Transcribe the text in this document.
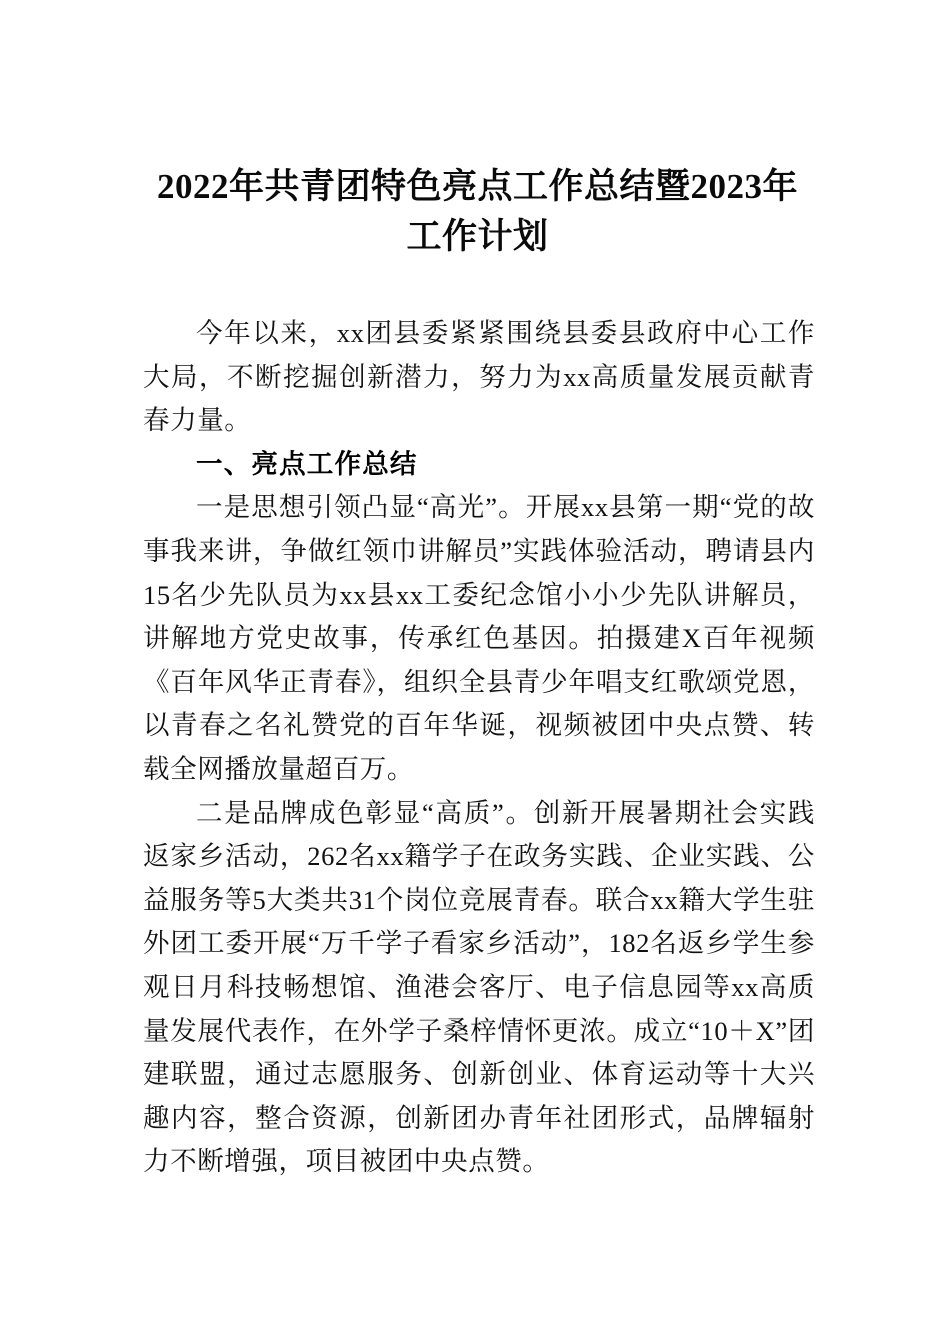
2022年共青团特色亮点工作总结暨2023年
工作计划

今年以来，xx团县委紧紧围绕县委县政府中心工作大局，不断挖掘创新潜力，努力为xx高质量发展贡献青春力量。

一、亮点工作总结

一是思想引领凸显“高光”。开展xx县第一期“党的故事我来讲，争做红领巾讲解员”实践体验活动，聘请县内15名少先队员为xx县xx工委纪念馆小小少先队讲解员，讲解地方党史故事，传承红色基因。拍摄建X百年视频《百年风华正青春》，组织全县青少年唱支红歌颂党恩，以青春之名礼赞党的百年华诞，视频被团中央点赞、转载全网播放量超百万。

二是品牌成色彰显“高质”。创新开展暑期社会实践返家乡活动，262名xx籍学子在政务实践、企业实践、公益服务等5大类共31个岗位竞展青春。联合xx籍大学生驻外团工委开展“万千学子看家乡活动”，182名返乡学生参观日月科技畅想馆、渔港会客厅、电子信息园等xx高质量发展代表作，在外学子桑梓情怀更浓。成立“10＋X”团建联盟，通过志愿服务、创新创业、体育运动等十大兴趣内容，整合资源，创新团办青年社团形式，品牌辐射力不断增强，项目被团中央点赞。
